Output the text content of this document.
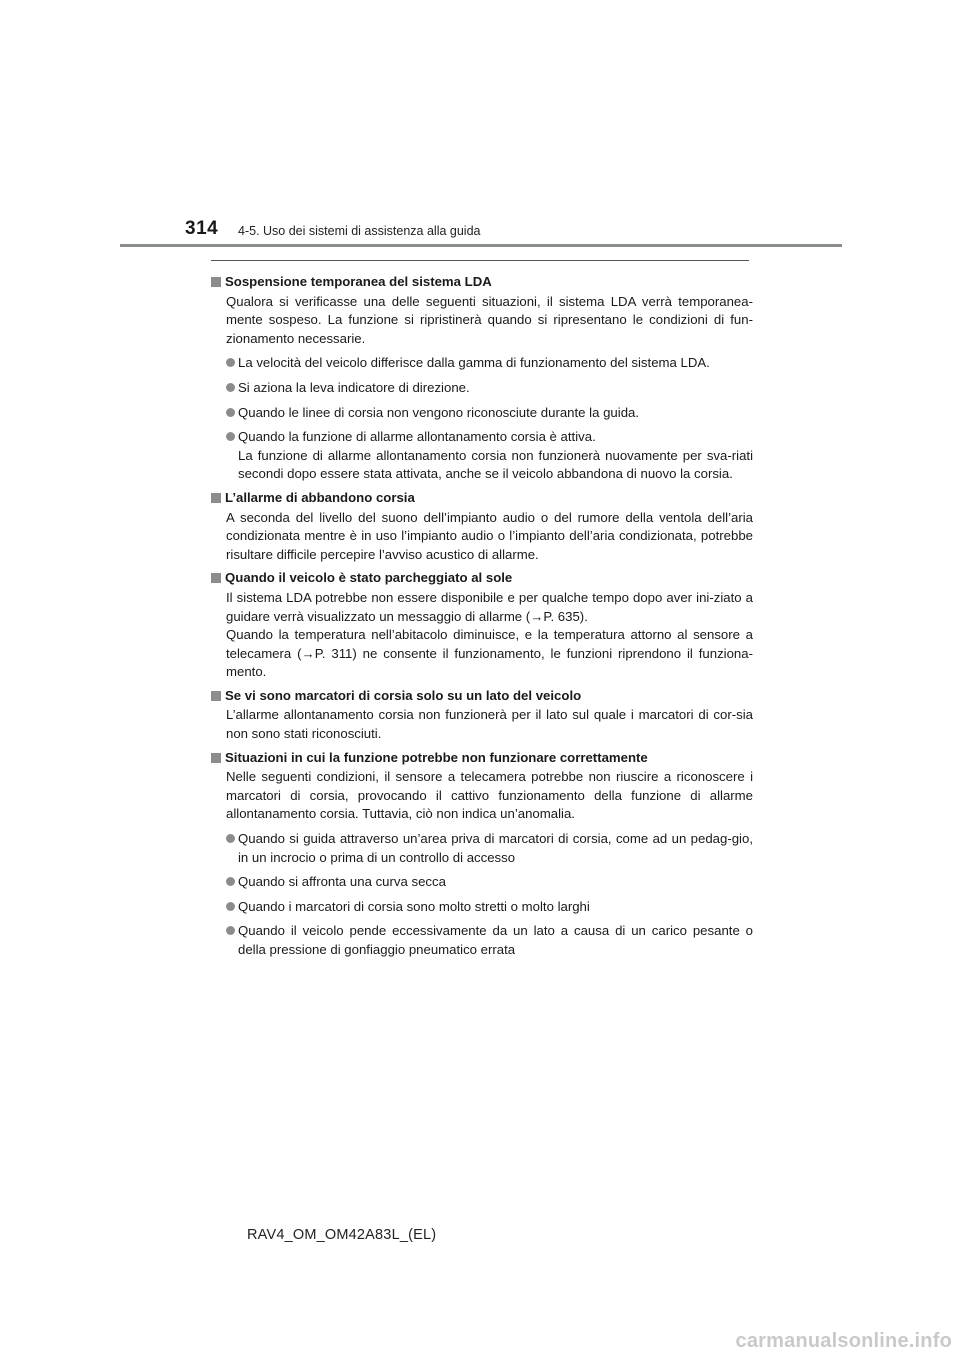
314 4-5. Uso dei sistemi di assistenza alla guida
Sospensione temporanea del sistema LDA
Qualora si verificasse una delle seguenti situazioni, il sistema LDA verrà temporanea-mente sospeso. La funzione si ripristinerà quando si ripresentano le condizioni di fun-zionamento necessarie.
La velocità del veicolo differisce dalla gamma di funzionamento del sistema LDA.
Si aziona la leva indicatore di direzione.
Quando le linee di corsia non vengono riconosciute durante la guida.
Quando la funzione di allarme allontanamento corsia è attiva.
La funzione di allarme allontanamento corsia non funzionerà nuovamente per sva-riati secondi dopo essere stata attivata, anche se il veicolo abbandona di nuovo la corsia.
L’allarme di abbandono corsia
A seconda del livello del suono dell’impianto audio o del rumore della ventola dell’aria condizionata mentre è in uso l’impianto audio o l’impianto dell’aria condizionata, potrebbe risultare difficile percepire l’avviso acustico di allarme.
Quando il veicolo è stato parcheggiato al sole
Il sistema LDA potrebbe non essere disponibile e per qualche tempo dopo aver ini-ziato a guidare verrà visualizzato un messaggio di allarme (→P. 635).
Quando la temperatura nell’abitacolo diminuisce, e la temperatura attorno al sensore a telecamera (→P. 311) ne consente il funzionamento, le funzioni riprendono il funziona-mento.
Se vi sono marcatori di corsia solo su un lato del veicolo
L’allarme allontanamento corsia non funzionerà per il lato sul quale i marcatori di cor-sia non sono stati riconosciuti.
Situazioni in cui la funzione potrebbe non funzionare correttamente
Nelle seguenti condizioni, il sensore a telecamera potrebbe non riuscire a riconoscere i marcatori di corsia, provocando il cattivo funzionamento della funzione di allarme allontanamento corsia. Tuttavia, ciò non indica un’anomalia.
Quando si guida attraverso un’area priva di marcatori di corsia, come ad un pedag-gio, in un incrocio o prima di un controllo di accesso
Quando si affronta una curva secca
Quando i marcatori di corsia sono molto stretti o molto larghi
Quando il veicolo pende eccessivamente da un lato a causa di un carico pesante o della pressione di gonfiaggio pneumatico errata
RAV4_OM_OM42A83L_(EL)
carmanualsonline.info
